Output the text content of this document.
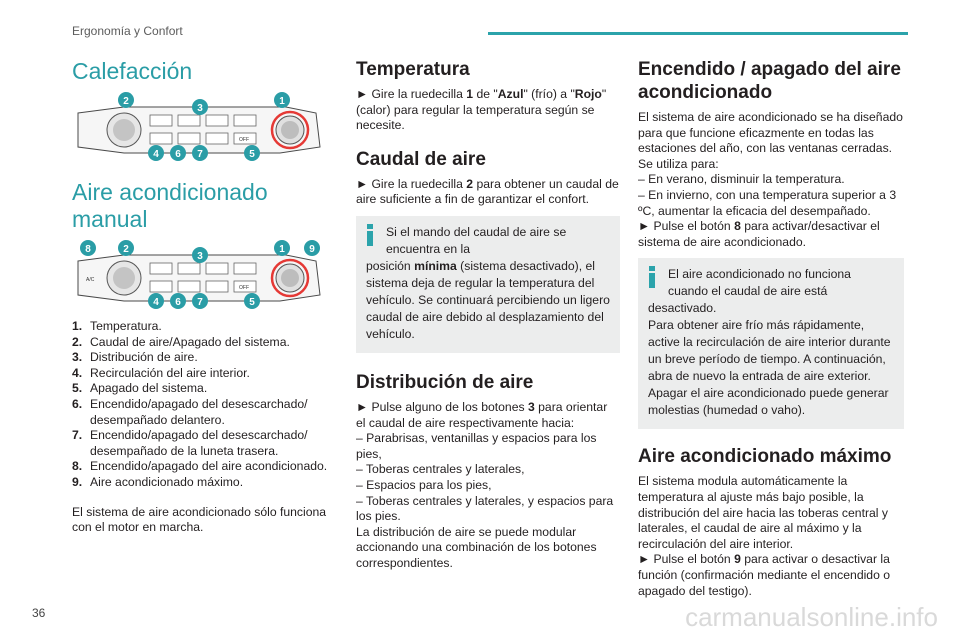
Ergonomía y Confort
Calefacción
OFF
2
3
1
4 6 7	5
Aire acondicionado manual
A/C
OFF
8	2
3
1 9
4 6 7	5
1. Temperatura.
2. Caudal de aire/Apagado del sistema.
3. Distribución de aire.
4. Recirculación del aire interior.
5. Apagado del sistema.
6. Encendido/apagado del desescarchado/ desempañado delantero.
7. Encendido/apagado del desescarchado/ desempañado de la luneta trasera.
8. Encendido/apagado del aire acondicionado.
9. Aire acondicionado máximo.

El sistema de aire acondicionado sólo funciona con el motor en marcha.

Temperatura

► Gire la ruedecilla 1 de "Azul" (frío) a "Rojo" (calor) para regular la temperatura según se necesite.

Caudal de aire

► Gire la ruedecilla 2 para obtener un caudal de aire suficiente a fin de garantizar el confort.

Si el mando del caudal de aire se encuentra en la
posición mínima (sistema desactivado), el sistema deja de regular la temperatura del vehículo. Se continuará percibiendo un ligero caudal de aire debido al desplazamiento del vehículo.
Distribución de aire

► Pulse alguno de los botones 3 para orientar el caudal de aire respectivamente hacia:

– Parabrisas, ventanillas y espacios para los pies,

– Toberas centrales y laterales,

– Espacios para los pies,

– Toberas centrales y laterales, y espacios para los pies.

La distribución de aire se puede modular accionando una combinación de los botones correspondientes.

Encendido / apagado del aire acondicionado

El sistema de aire acondicionado se ha diseñado para que funcione eficazmente en todas las estaciones del año, con las ventanas cerradas.

Se utiliza para:

– En verano, disminuir la temperatura.

– En invierno, con una temperatura superior a 3 ºC, aumentar la eficacia del desempañado.

► Pulse el botón 8 para activar/desactivar el sistema de aire acondicionado.

El aire acondicionado no funciona cuando el caudal de aire está
desactivado.
Para obtener aire frío más rápidamente, active la recirculación de aire interior durante un breve período de tiempo. A continuación, abra de nuevo la entrada de aire exterior.
Apagar el aire acondicionado puede generar molestias (humedad o vaho).
Aire acondicionado máximo

El sistema modula automáticamente la temperatura al ajuste más bajo posible, la distribución del aire hacia las toberas central y laterales, el caudal de aire al máximo y la recirculación del aire interior.

► Pulse el botón 9 para activar o desactivar la función (confirmación mediante el encendido o apagado del testigo).

36	carmanualsonline.info
